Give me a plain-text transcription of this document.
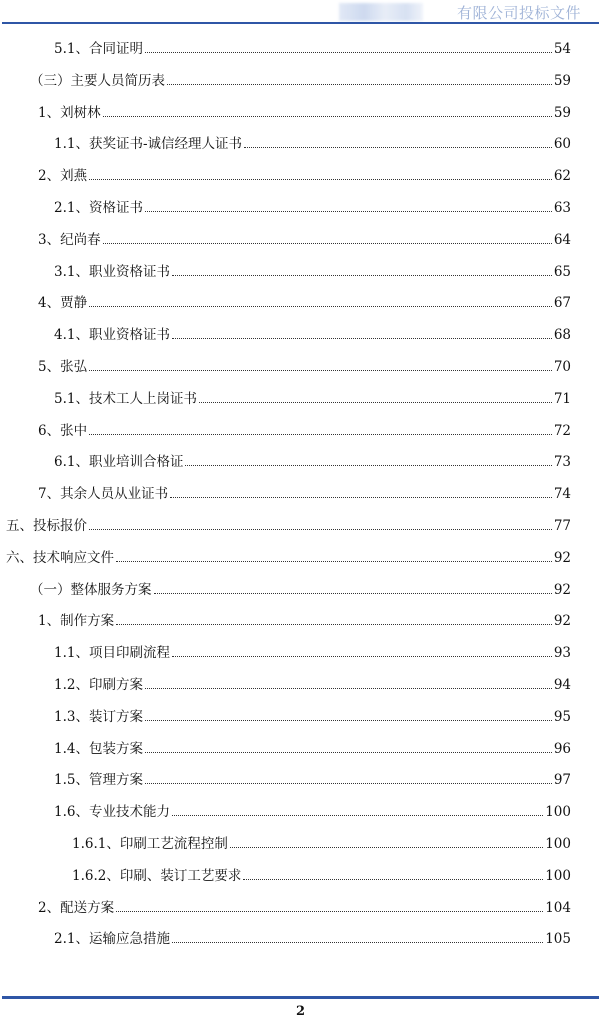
有限公司投标文件
5.1、合同证明	54
（三）主要人员简历表	59
1、刘树林	59
1.1、获奖证书-诚信经理人证书	60
2、刘燕	62
2.1、资格证书	63
3、纪尚春	64
3.1、职业资格证书	65
4、贾静	67
4.1、职业资格证书	68
5、张弘	70
5.1、技术工人上岗证书	71
6、张中	72
6.1、职业培训合格证	73
7、其余人员从业证书	74
五、投标报价	77
六、技术响应文件	92
（一）整体服务方案	92
1、制作方案	92
1.1、项目印刷流程	93
1.2、印刷方案	94
1.3、装订方案	95
1.4、包装方案	96
1.5、管理方案	97
1.6、专业技术能力	100
1.6.1、印刷工艺流程控制	100
1.6.2、印刷、装订工艺要求	100
2、配送方案	104
2.1、运输应急措施	105
2
